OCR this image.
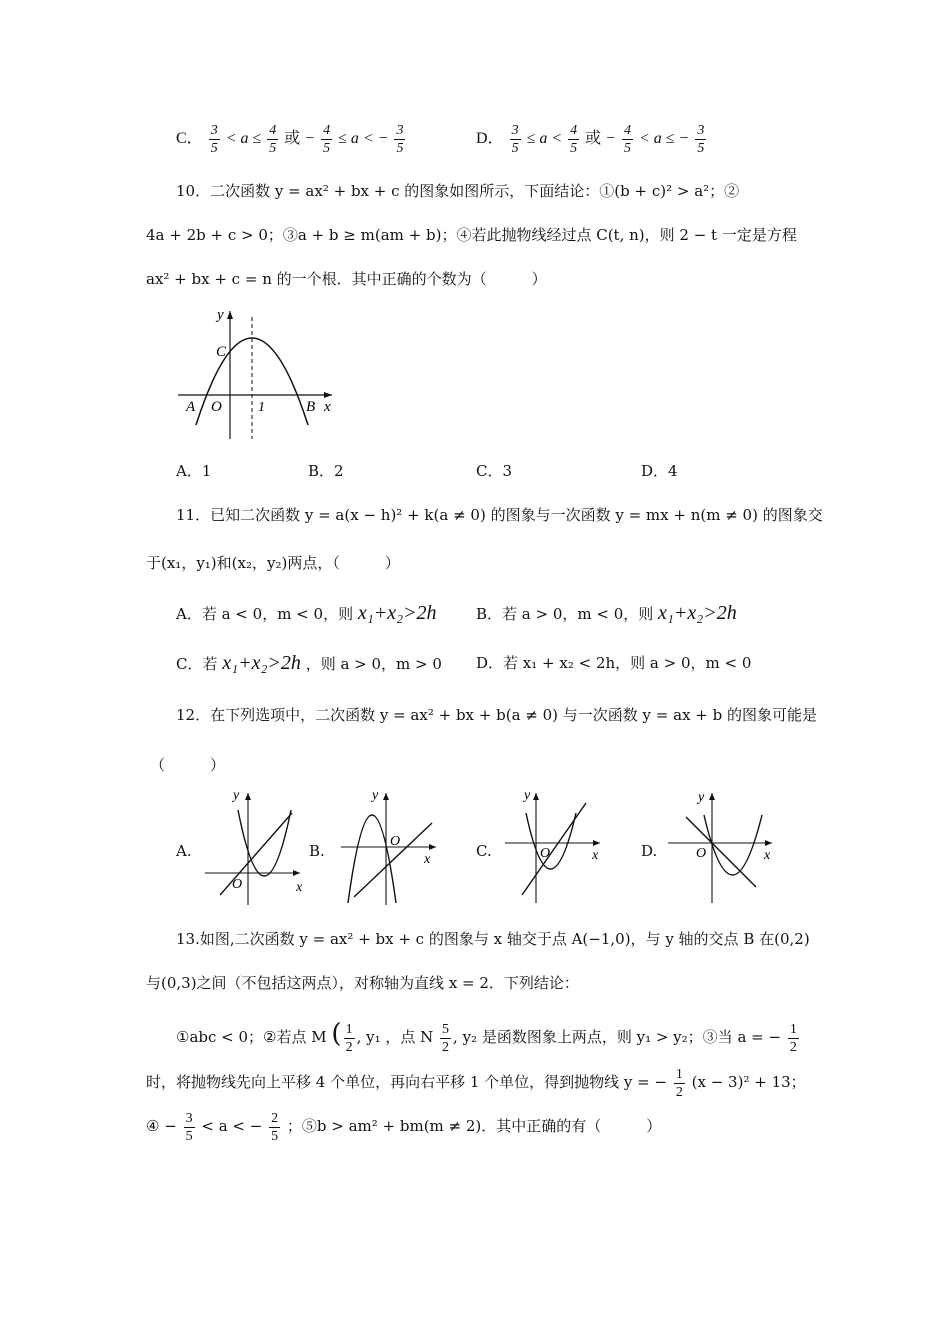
C． $\frac{3}{5} < a \le \frac{4}{5}$ 或 − $\frac{4}{5} \le a$ < − $\frac{3}{5}$	D． $\frac{3}{5} \le a < \frac{4}{5}$ 或 − $\frac{4}{5} < a$ ≤ − $\frac{3}{5}$
10．二次函数 y = ax² + bx + c 的图象如图所示，下面结论：①(b + c)² > a²；②
4a + 2b + c > 0；③a + b ≥ m(am + b)；④若此抛物线经过点 C(t, n)，则 2 − t 一定是方程
ax² + bx + c = n 的一个根．其中正确的个数为（　　　）
y
x
C
A O	1	B
A．1	B．2	C．3	D．4
11．已知二次函数 y = a(x − h)² + k(a ≠ 0) 的图象与一次函数 y = mx + n(m ≠ 0) 的图象交
于(x₁，y₁)和(x₂，y₂)两点，（　　　）
A．若 a < 0，m < 0，则 x₁+x₂>2h	B．若 a > 0，m < 0，则 x₁+x₂>2h
C．若 x₁+x₂>2h ，则 a > 0，m > 0 D．若 x₁ + x₂ < 2h，则 a > 0，m < 0
12．在下列选项中，二次函数 y = ax² + bx + b(a ≠ 0) 与一次函数 y = ax + b 的图象可能是
（　　　）
A.
y
x
O
B.
y
x
O
C.
y
x
O	D.
y
x
O
13.如图,二次函数 y = ax² + bx + c 的图象与 x 轴交于点 A(−1,0)，与 y 轴的交点 B 在(0,2)
与(0,3)之间（不包括这两点），对称轴为直线 x = 2．下列结论：
①abc < 0；②若点 M ( $\frac{1}{2}$ , y₁ ，点 N $\frac{5}{2}$ , y₂ 是函数图象上两点，则 y₁ > y₂；③当 a = − $\frac{1}{2}$
时，将抛物线先向上平移 4 个单位，再向右平移 1 个单位，得到抛物线 y = − $\frac{1}{2} (x - 3)^2 + 13$；
④ − $\frac{3}{5} < a$ < − $\frac{2}{5}$ ；⑤b > am² + bm(m ≠ 2)．其中正确的有（　　　）
